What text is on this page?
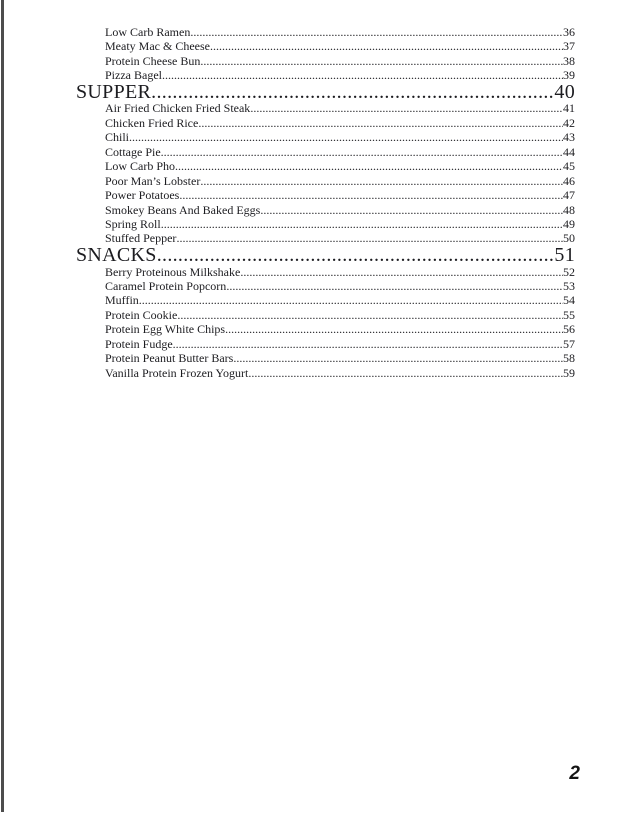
Low Carb Ramen .....	36
Meaty Mac & Cheese .....	37
Protein Cheese Bun .....	38
Pizza Bagel .....	39
SUPPER .....	40
Air Fried Chicken Fried Steak .....	41
Chicken Fried Rice .....	42
Chili .....	43
Cottage Pie .....	44
Low Carb Pho .....	45
Poor Man’s Lobster .....	46
Power Potatoes .....	47
Smokey Beans And Baked Eggs .....	48
Spring Roll .....	49
Stuffed Pepper .....	50
SNACKS .....	51
Berry Proteinous Milkshake .....	52
Caramel Protein Popcorn .....	53
Muffin .....	54
Protein Cookie .....	55
Protein Egg White Chips .....	56
Protein Fudge .....	57
Protein Peanut Butter Bars .....	58
Vanilla Protein Frozen Yogurt .....	59
2
